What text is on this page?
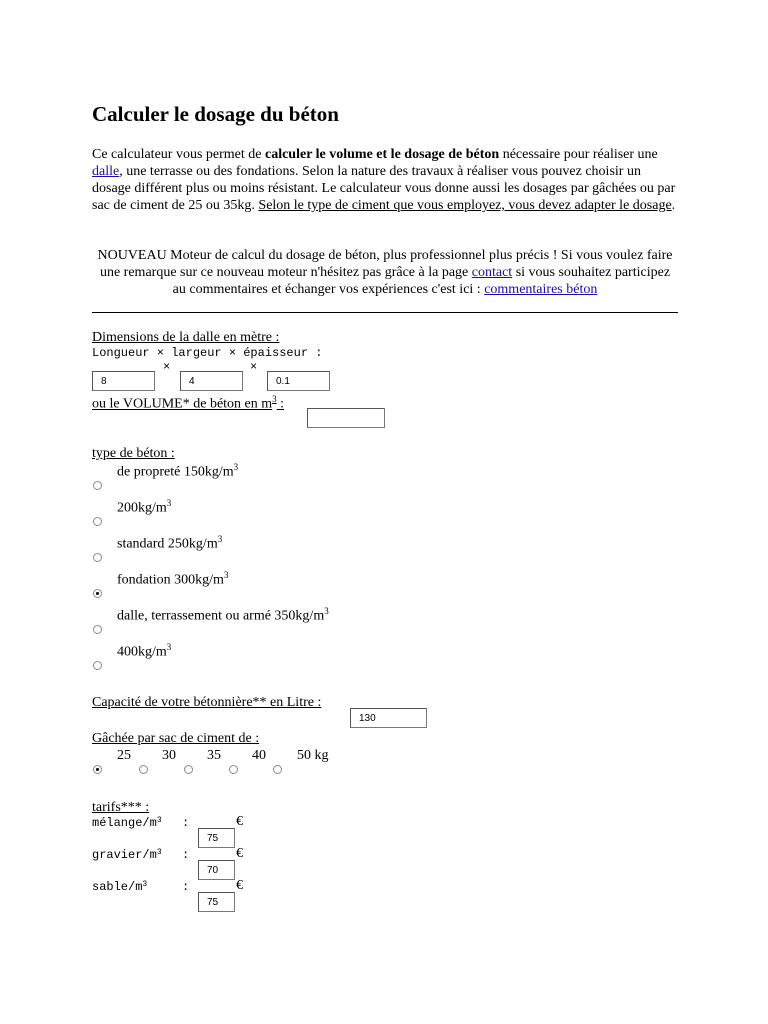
Calculer le dosage du béton
Ce calculateur vous permet de calculer le volume et le dosage de béton nécessaire pour réaliser une dalle, une terrasse ou des fondations. Selon la nature des travaux à réaliser vous pouvez choisir un dosage différent plus ou moins résistant. Le calculateur vous donne aussi les dosages par gâchées ou par sac de ciment de 25 ou 35kg. Selon le type de ciment que vous employez, vous devez adapter le dosage.
NOUVEAU Moteur de calcul du dosage de béton, plus professionnel plus précis ! Si vous voulez faire une remarque sur ce nouveau moteur n'hésitez pas grâce à la page contact si vous souhaitez participez au commentaires et échanger vos expériences c'est ici : commentaires béton
Dimensions de la dalle en mètre :
Longueur × largeur × épaisseur :
×	×
8
4
0.1
ou le VOLUME* de béton en $m^3$ :
type de béton :
de propreté $150kg/m^3$
$200kg/m^3$
standard $250kg/m^3$
fondation $300kg/m^3$
dalle, terrassement ou armé $350kg/m^3$
$400kg/m^3$
Capacité de votre bétonnière** en Litre :
130
Gâchée par sac de ciment de :
25 30 35 40 50 kg
tarifs*** :
mélange/$m^3$ :	€
75
gravier/$m^3$ :	€
70
sable/$m^3$	:	€
75
